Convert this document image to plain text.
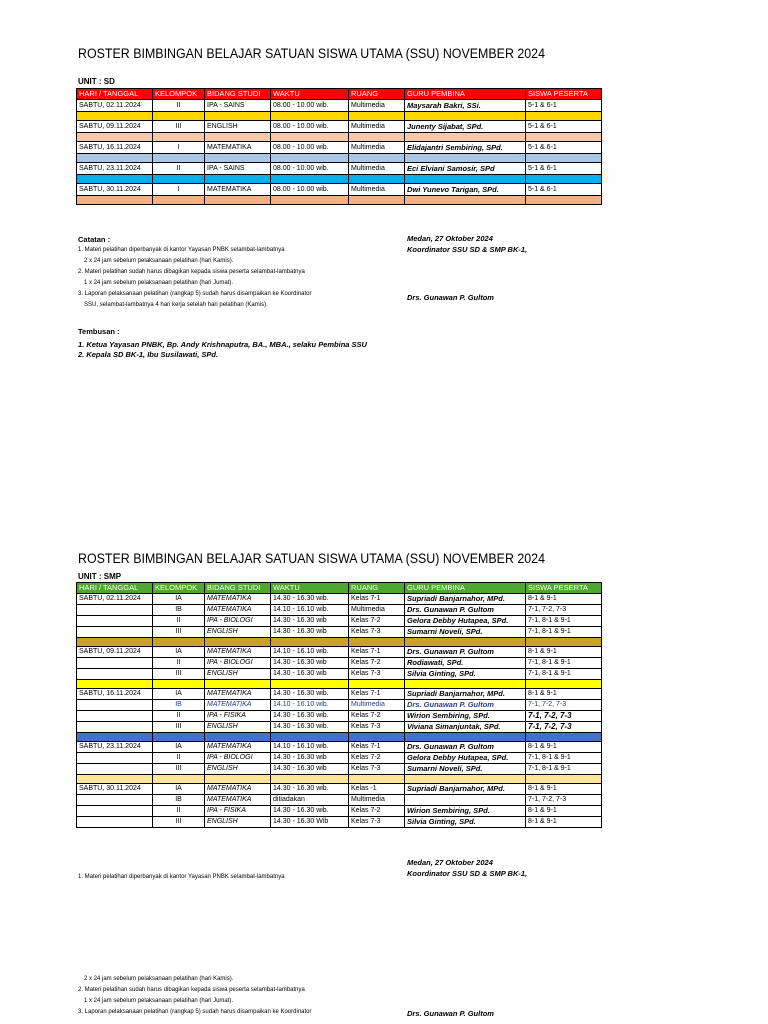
ROSTER BIMBINGAN BELAJAR SATUAN SISWA UTAMA (SSU) NOVEMBER 2024
UNIT : SD
HARI / TANGGAL	KELOMPOK	BIDANG STUDI	WAKTU	RUANG	GURU PEMBINA	SISWA PESERTA
SABTU, 02.11.2024	II	IPA - SAINS	08.00 - 10.00 wib.	Multimedia	Maysarah Bakri, SSi.	5-1 & 6-1

SABTU, 09.11.2024	III	ENGLISH	08.00 - 10.00 wib.	Multimedia	Junenty Sijabat, SPd.	5-1 & 6-1

SABTU, 16.11.2024	I	MATEMATIKA	08.00 - 10.00 wib.	Multimedia	Elidajantri Sembiring, SPd.	5-1 & 6-1

SABTU, 23.11.2024	II	IPA - SAINS	08.00 - 10.00 wib.	Multimedia	Eci Elviani Samosir, SPd	5-1 & 6-1

SABTU, 30.11.2024	I	MATEMATIKA	08.00 - 10.00 wib.	Multimedia	Dwi Yunevo Tarigan, SPd.	5-1 & 6-1

Catatan :
1. Materi pelatihan diperbanyak di kantor Yayasan PNBK selambat-lambatnya
2 x 24 jam sebelum pelaksanaan pelatihan (hari Kamis).
2. Materi pelatihan sudah harus dibagikan kepada siswa peserta selambat-lambatnya
1 x 24 jam sebelum pelaksanaan pelatihan (hari Jumat).
3. Laporan pelaksanaan pelatihan (rangkap 5) sudah harus disampaikan ke Koordinator
SSU, selambat-lambatnya 4 hari kerja setelah hari pelatihan (Kamis).
Medan, 27 Oktober 2024
Koordinator SSU SD & SMP BK-1,
Drs. Gunawan P. Gultom
Tembusan :
1. Ketua Yayasan PNBK, Bp. Andy Krishnaputra, BA., MBA., selaku Pembina SSU
2. Kepala SD BK-1, Ibu Susilawati, SPd.
ROSTER BIMBINGAN BELAJAR SATUAN SISWA UTAMA (SSU) NOVEMBER 2024
UNIT : SMP
HARI / TANGGAL	KELOMPOK	BIDANG STUDI	WAKTU	RUANG	GURU PEMBINA	SISWA PESERTA
SABTU, 02.11.2024	IA	MATEMATIKA	14.30 - 16.30 wib.	Kelas 7-1	Supriadi Banjarnahor, MPd.	8-1 & 9-1
	IB	MATEMATIKA	14.10 - 16.10 wib.	Multimedia	Drs. Gunawan P. Gultom	7-1, 7-2, 7-3
	II	IPA - BIOLOGI	14.30 - 16.30 wib	Kelas 7-2	Gelora Debby Hutapea, SPd.	7-1, 8-1 & 9-1
	III	ENGLISH	14.30 - 16.30 wib	Kelas 7-3	Sumarni Noveli, SPd.	7-1, 8-1 & 9-1

SABTU, 09.11.2024	IA	MATEMATIKA	14.10 - 16.10 wib.	Kelas 7-1	Drs. Gunawan P. Gultom	8-1 & 9-1
	II	IPA - BIOLOGI	14.30 - 16.30 wib	Kelas 7-2	Rodiawati, SPd.	7-1, 8-1 & 9-1
	III	ENGLISH	14.30 - 16.30 wib	Kelas 7-3	Silvia Ginting, SPd.	7-1, 8-1 & 9-1

SABTU, 16.11.2024	IA	MATEMATIKA	14.30 - 16.30 wib.	Kelas 7-1	Supriadi Banjarnahor, MPd.	8-1 & 9-1
	IB	MATEMATIKA	14.10 - 16.10 wib.	Multimedia	Drs. Gunawan P. Gultom	7-1, 7-2, 7-3
	II	IPA - FISIKA	14.30 - 16.30 wib.	Kelas 7-2	Wirion Sembiring, SPd.	7-1, 7-2, 7-3
	III	ENGLISH	14.30 - 16.30 wib.	Kelas 7-3	Viviana Simanjuntak, SPd.	7-1, 7-2, 7-3

SABTU, 23.11.2024	IA	MATEMATIKA	14.10 - 16.10 wib.	Kelas 7-1	Drs. Gunawan P. Gultom	8-1 & 9-1
	II	IPA - BIOLOGI	14.30 - 16.30 wib	Kelas 7-2	Gelora Debby Hutapea, SPd.	7-1, 8-1 & 9-1
	III	ENGLISH	14.30 - 16.30 wib	Kelas 7-3	Sumarni Noveli, SPd.	7-1, 8-1 & 9-1

SABTU, 30.11.2024	IA	MATEMATIKA	14.30 - 16.30 wib.	Kelas -1	Supriadi Banjarnahor, MPd.	8-1 & 9-1
	IB	MATEMATIKA	ditiadakan	Multimedia		7-1, 7-2, 7-3
	II	IPA - FISIKA	14.30 - 16.30 wib.	Kelas 7-2	Wirion Sembiring, SPd.	8-1 & 9-1
	III	ENGLISH	14.30 - 16.30 Wib	Kelas 7-3	Silvia Ginting, SPd.	8-1 & 9-1
Medan, 27 Oktober 2024
Koordinator SSU SD & SMP BK-1,
1. Materi pelatihan diperbanyak di kantor Yayasan PNBK selambat-lambatnya
2 x 24 jam sebelum pelaksanaan pelatihan (hari Kamis).
2. Materi pelatihan sudah harus dibagikan kepada siswa peserta selambat-lambatnya
1 x 24 jam sebelum pelaksanaan pelatihan (hari Jumat).
3. Laporan pelaksanaan pelatihan (rangkap 5) sudah harus disampaikan ke Koordinator	Drs. Gunawan P. Gultom
